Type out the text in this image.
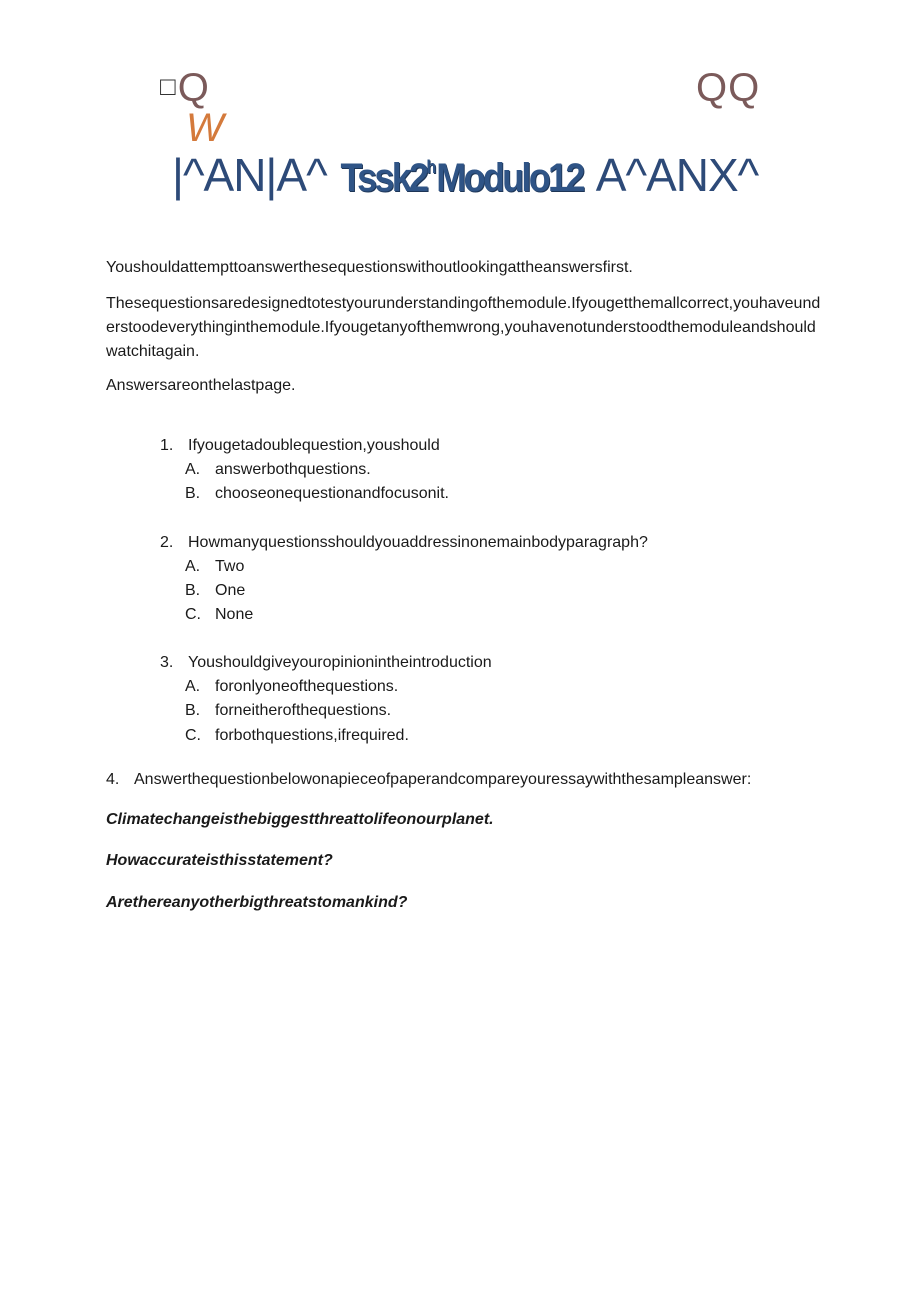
□Q	QQ
W
|^AN|A^ Tssk2$^h$Modulo12 A^ANX^

Youshouldattempttoanswerthesequestionswithoutlookingattheanswersfirst.

Thesequestionsaredesignedtotestyourunderstandingofthemodule.Ifyougetthemallcorrect,youhaveunderstoodeverythinginthemodule.Ifyougetanyofthemwrong,youhavenotunderstoodthemoduleandshouldwatchitagain.

Answersareonthelastpage.

1. Ifyougetadoublequestion,youshould
A. answerbothquestions.
B. chooseonequestionandfocusonit.
2. Howmanyquestionsshouldyouaddressinonemainbodyparagraph?
A. Two
B. One
C. None
3. Youshouldgiveyouropinionintheintroduction
A. foronlyoneofthequestions.
B. forneitherofthequestions.
C. forbothquestions,ifrequired.
4. Answerthequestionbelowonapieceofpaperandcompareyouressaywiththesampleanswer:
Climatechangeisthebiggestthreattolifeonourplanet.
Howaccurateisthisstatement?
Arethereanyotherbigthreatstomankind?
